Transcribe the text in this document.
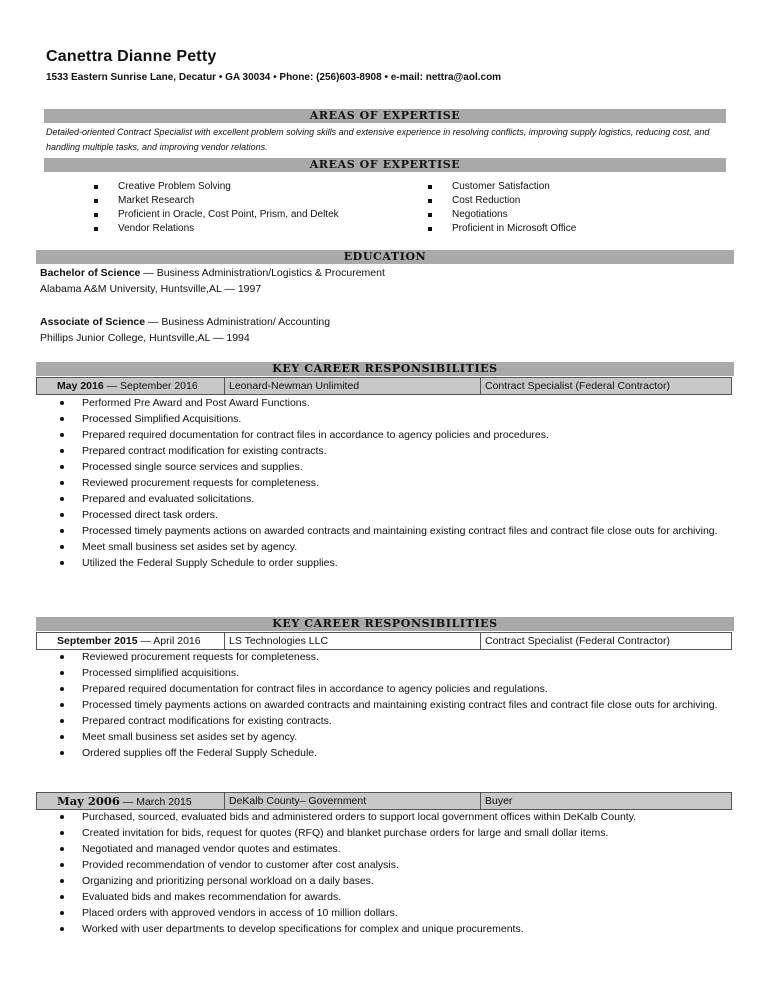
Canettra Dianne Petty
1533 Eastern Sunrise Lane, Decatur • GA 30034 • Phone: (256)603-8908 • e-mail: nettra@aol.com
AREAS OF EXPERTISE
Detailed-oriented Contract Specialist with excellent problem solving skills and extensive experience in resolving conflicts, improving supply logistics, reducing cost, and handling multiple tasks, and improving vendor relations.
AREAS OF EXPERTISE
Creative Problem Solving
Market Research
Proficient in Oracle, Cost Point, Prism, and Deltek
Vendor Relations
Customer Satisfaction
Cost Reduction
Negotiations
Proficient in Microsoft Office
EDUCATION
Bachelor of Science — Business Administration/Logistics & Procurement
Alabama A&M University, Huntsville,AL — 1997
Associate of Science — Business Administration/ Accounting
Phillips Junior College, Huntsville,AL — 1994
KEY CAREER RESPONSIBILITIES
May 2016 — September 2016	Leonard-Newman Unlimited	Contract Specialist (Federal Contractor)
Performed Pre Award and Post Award Functions.
Processed Simplified Acquisitions.
Prepared required documentation for contract files in accordance to agency policies and procedures.
Prepared contract modification for existing contracts.
Processed single source services and supplies.
Reviewed procurement requests for completeness.
Prepared and evaluated solicitations.
Processed direct task orders.
Processed timely payments actions on awarded contracts and maintaining existing contract files and contract file close outs for archiving.
Meet small business set asides set by agency.
Utilized the Federal Supply Schedule to order supplies.
KEY CAREER RESPONSIBILITIES
September 2015 — April 2016	LS Technologies LLC	Contract Specialist (Federal Contractor)
Reviewed procurement requests for completeness.
Processed simplified acquisitions.
Prepared required documentation for contract files in accordance to agency policies and regulations.
Processed timely payments actions on awarded contracts and maintaining existing contract files and contract file close outs for archiving.
Prepared contract modifications for existing contracts.
Meet small business set asides set by agency.
Ordered supplies off the Federal Supply Schedule.
May 2006 — March 2015	DeKalb County– Government	Buyer
Purchased, sourced, evaluated bids and administered orders to support local government offices within DeKalb County.
Created invitation for bids, request for quotes (RFQ) and blanket purchase orders for large and small dollar items.
Negotiated and managed vendor quotes and estimates.
Provided recommendation of vendor to customer after cost analysis.
Organizing and prioritizing personal workload on a daily bases.
Evaluated bids and makes recommendation for awards.
Placed orders with approved vendors in access of 10 million dollars.
Worked with user departments to develop specifications for complex and unique procurements.
